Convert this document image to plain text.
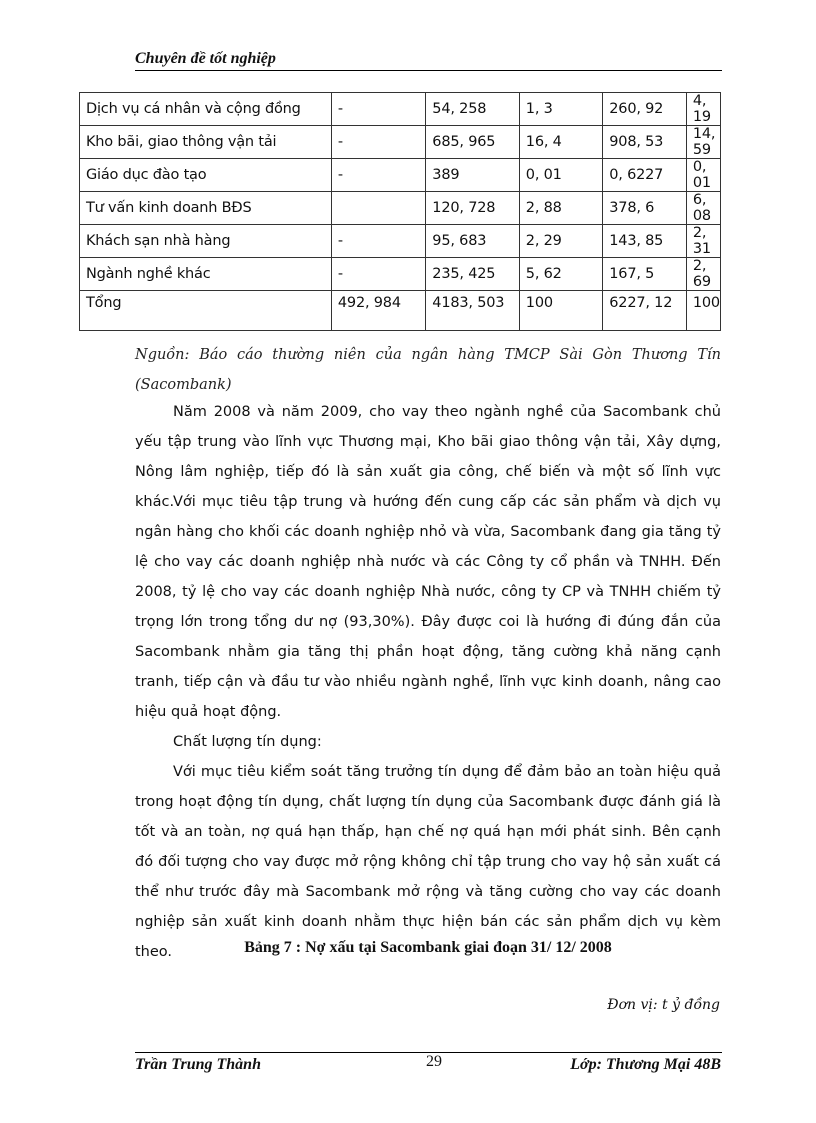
Chuyên đề tốt nghiệp
Dịch vụ cá nhân và cộng đồng	-	54, 258	1, 3	260, 92	4, 19
Kho bãi, giao thông vận tải	-	685, 965	16, 4	908, 53	14, 59
Giáo dục đào tạo	-	389	0, 01	0, 6227	0, 01
Tư vấn kinh doanh BĐS		120, 728	2, 88	378, 6	6, 08
Khách sạn nhà hàng	-	95, 683	2, 29	143, 85	2, 31
Ngành nghề khác	-	235, 425	5, 62	167, 5	2, 69
Tổng	492, 984	4183, 503	100	6227, 12	100
Nguồn: Báo cáo thường niên của ngân hàng TMCP Sài Gòn Thương Tín (Sacombank)
Năm 2008 và năm 2009, cho vay theo ngành nghề của Sacombank chủ yếu tập trung vào lĩnh vực Thương mại, Kho bãi giao thông vận tải, Xây dựng, Nông lâm nghiệp, tiếp đó là sản xuất gia công, chế biến và một số lĩnh vực khác.
Với mục tiêu tập trung và hướng đến cung cấp các sản phẩm và dịch vụ ngân hàng cho khối các doanh nghiệp nhỏ và vừa, Sacombank đang gia tăng tỷ lệ cho vay các doanh nghiệp nhà nước và các Công ty cổ phần và TNHH. Đến 2008, tỷ lệ cho vay các doanh nghiệp Nhà nước, công ty CP và TNHH chiếm tỷ trọng lớn trong tổng dư nợ (93,30%). Đây được coi là hướng đi đúng đắn của Sacombank nhằm gia tăng thị phần hoạt động, tăng cường khả năng cạnh tranh, tiếp cận và đầu tư vào nhiều ngành nghề, lĩnh vực kinh doanh, nâng cao hiệu quả hoạt động.
Chất lượng tín dụng:
Với mục tiêu kiểm soát tăng trưởng tín dụng để đảm bảo an toàn hiệu quả trong hoạt động tín dụng, chất lượng tín dụng của Sacombank được đánh giá là tốt và an toàn, nợ quá hạn thấp, hạn chế nợ quá hạn mới phát sinh. Bên cạnh đó đối tượng cho vay được mở rộng không chỉ tập trung cho vay hộ sản xuất cá thể như trước đây mà Sacombank mở rộng và tăng cường cho vay các doanh nghiệp sản xuất kinh doanh nhằm thực hiện bán các sản phẩm dịch vụ kèm theo.	Bảng 7 : Nợ xấu tại Sacombank giai đoạn 31/ 12/ 2008
Đơn vị: t ỷ đồng
Trần Trung Thành	29	Lớp: Thương Mại 48B
